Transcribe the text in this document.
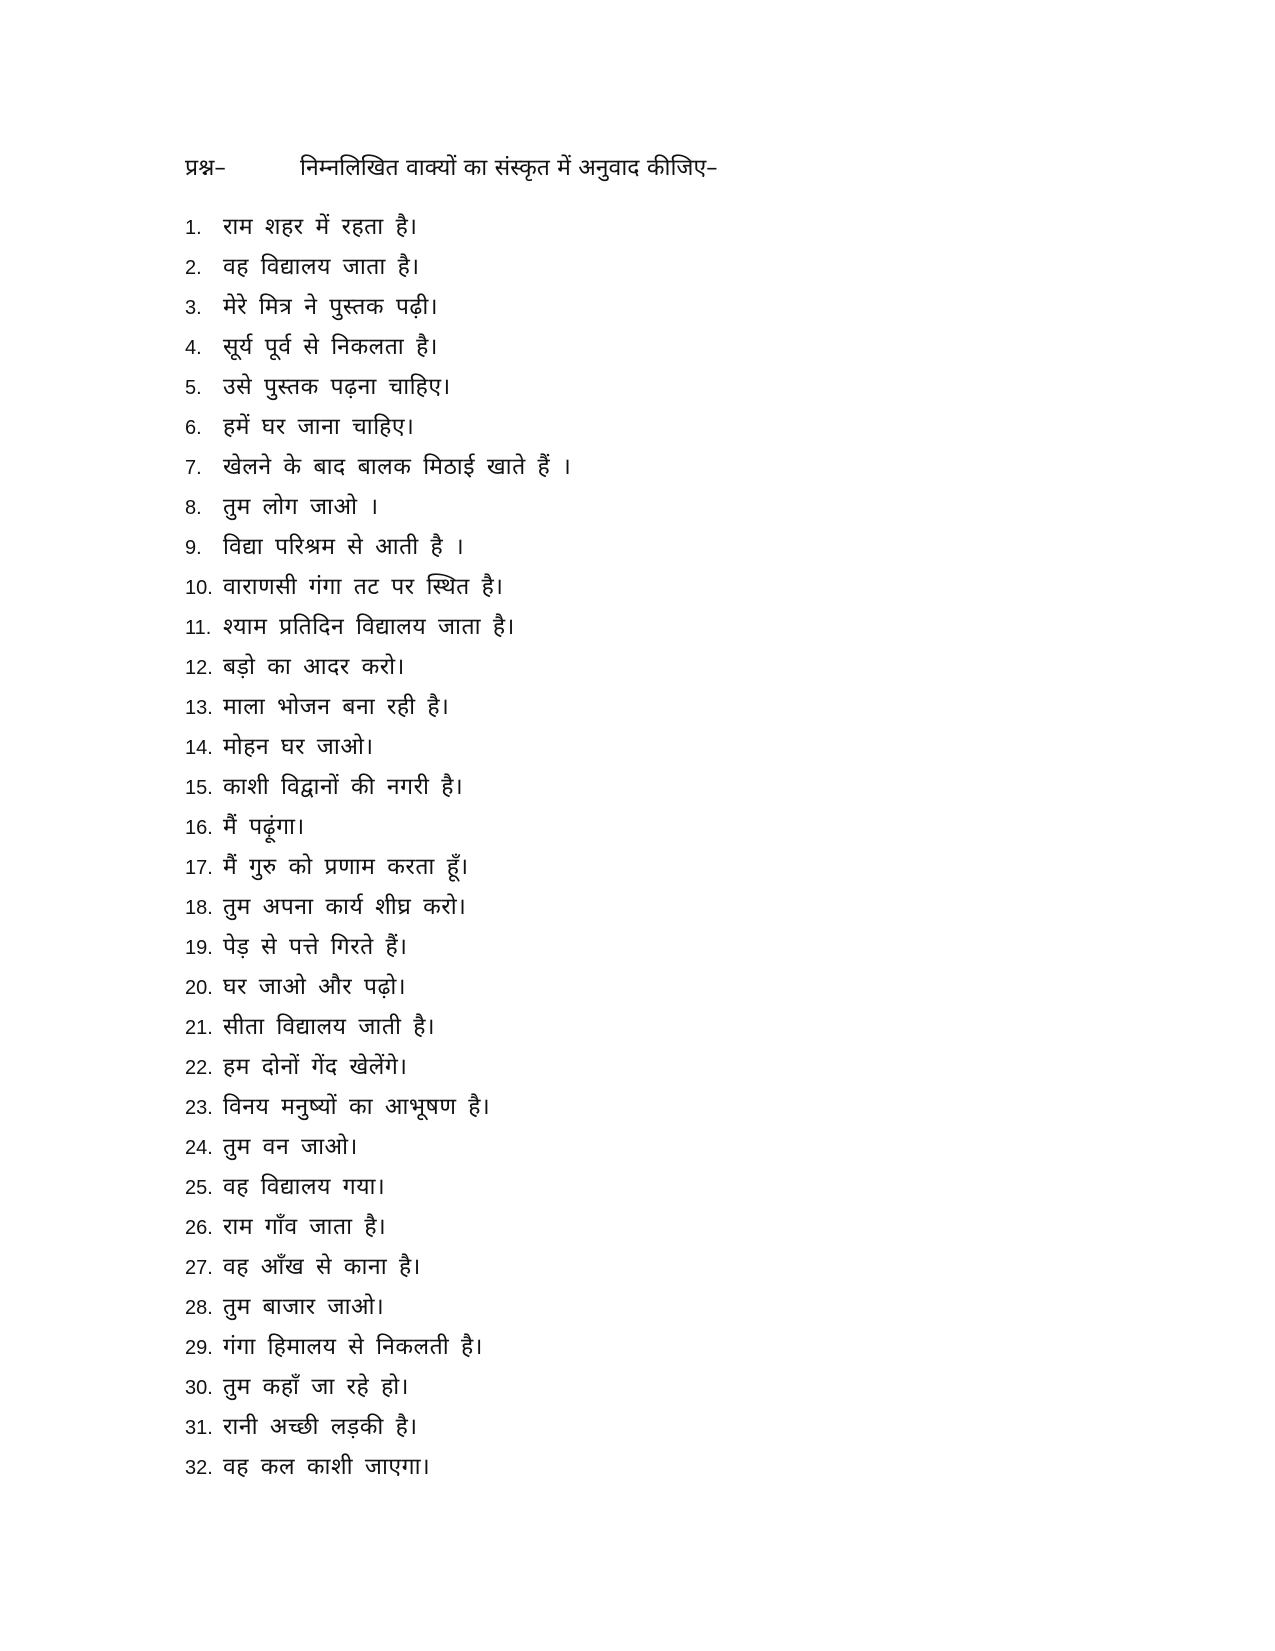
प्रश्न–	निम्नलिखित वाक्यों का संस्कृत में अनुवाद कीजिए–
1. राम शहर में रहता है।
2. वह विद्यालय जाता है।
3. मेरे मित्र ने पुस्तक पढ़ी।
4. सूर्य पूर्व से निकलता है।
5. उसे पुस्तक पढ़ना चाहिए।
6. हमें घर जाना चाहिए।
7. खेलने के बाद बालक मिठाई खाते हैं ।
8. तुम लोग जाओ ।
9. विद्या परिश्रम से आती है ।
10. वाराणसी गंगा तट पर स्थित है।
11. श्याम प्रतिदिन विद्यालय जाता है।
12. बड़ो का आदर करो।
13. माला भोजन बना रही है।
14. मोहन घर जाओ।
15. काशी विद्वानों की नगरी है।
16. मैं पढ़ूंगा।
17. मैं गुरु को प्रणाम करता हूँ।
18. तुम अपना कार्य शीघ्र करो।
19. पेड़ से पत्ते गिरते हैं।
20. घर जाओ और पढ़ो।
21. सीता विद्यालय जाती है।
22. हम दोनों गेंद खेलेंगे।
23. विनय मनुष्यों का आभूषण है।
24. तुम वन जाओ।
25. वह विद्यालय गया।
26. राम गाँव जाता है।
27. वह आँख से काना है।
28. तुम बाजार जाओ।
29. गंगा हिमालय से निकलती है।
30. तुम कहाँ जा रहे हो।
31. रानी अच्छी लड़की है।
32. वह कल काशी जाएगा।
